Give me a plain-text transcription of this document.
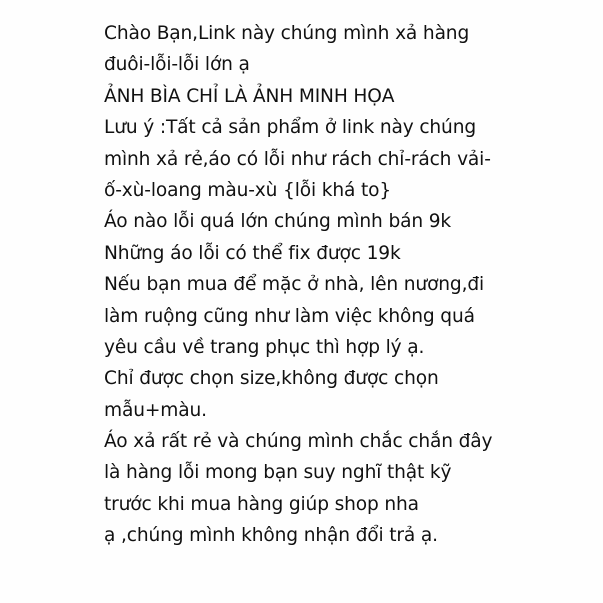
Chào Bạn,Link này chúng mình xả hàng
đuôi-lỗi-lỗi lớn ạ
ẢNH BÌA CHỈ LÀ ẢNH MINH HỌA
Lưu ý :Tất cả sản phẩm ở link này chúng
mình xả rẻ,áo có lỗi như rách chỉ-rách vải-
ố-xù-loang màu-xù {lỗi khá to}
Áo nào lỗi quá lớn chúng mình bán 9k
Những áo lỗi có thể fix được 19k
Nếu bạn mua để mặc ở nhà, lên nương,đi
làm ruộng cũng như làm việc không quá
yêu cầu về trang phục thì hợp lý ạ.
Chỉ được chọn size,không được chọn
mẫu+màu.
Áo xả rất rẻ và chúng mình chắc chắn đây
là hàng lỗi mong bạn suy nghĩ thật kỹ
trước khi mua hàng giúp shop nha
ạ ,chúng mình không nhận đổi trả ạ.
